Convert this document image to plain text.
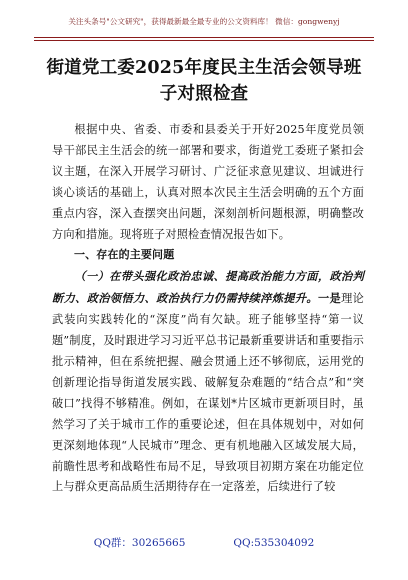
关注头条号"公文研究"，获得最新最全最专业的公文资料库！ 微信：gongwenyj
街道党工委2025年度民主生活会领导班
子对照检查

根据中央、省委、市委和县委关于开好2025年度党员领导干部民主生活会的统一部署和要求，街道党工委班子紧扣会议主题，在深入开展学习研讨、广泛征求意见建议、坦诚进行谈心谈话的基础上，认真对照本次民主生活会明确的五个方面重点内容，深入查摆突出问题，深刻剖析问题根源，明确整改方向和措施。现将班子对照检查情况报告如下。

一、存在的主要问题

（一）在带头强化政治忠诚、提高政治能力方面，政治判断力、政治领悟力、政治执行力仍需持续淬炼提升。一是理论武装向实践转化的“深度”尚有欠缺。班子能够坚持“第一议题”制度，及时跟进学习习近平总书记最新重要讲话和重要指示批示精神，但在系统把握、融会贯通上还不够彻底，运用党的创新理论指导街道发展实践、破解复杂难题的“结合点”和“突破口”找得不够精准。例如，在谋划*片区城市更新项目时，虽然学习了关于城市工作的重要论述，但在具体规划中，对如何更深刻地体现“人民城市”理念、更有机地融入区域发展大局，前瞻性思考和战略性布局不足，导致项目初期方案在功能定位上与群众更高品质生活期待存在一定落差，后续进行了较

QQ群：30265665	QQ:535304092
